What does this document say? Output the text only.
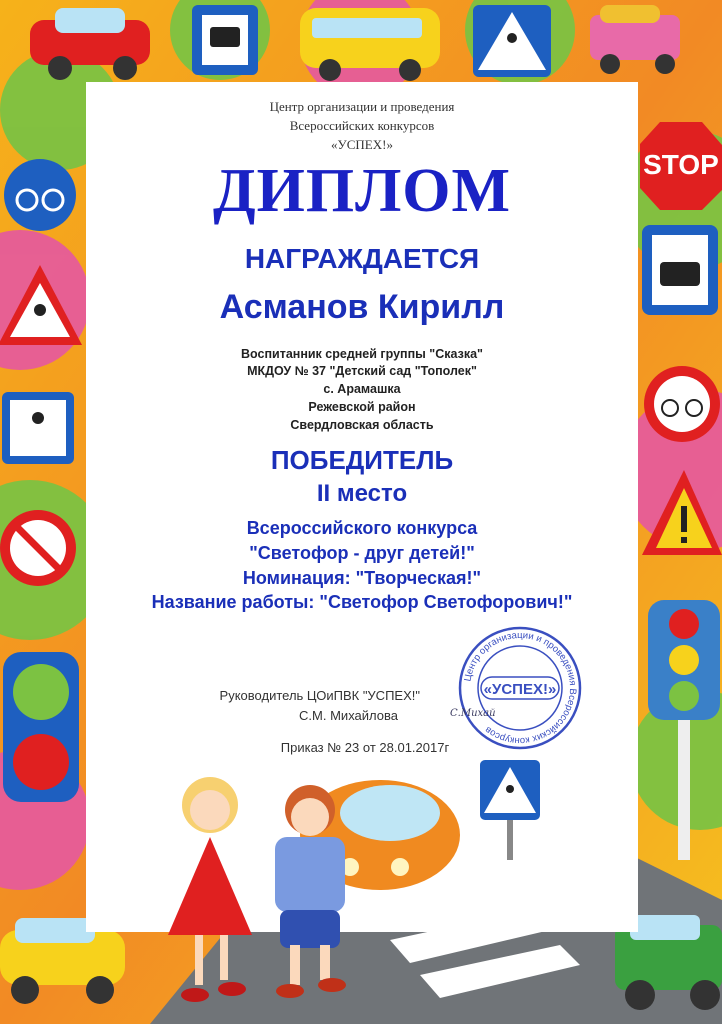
STOP

Центр организации и проведения

Всероссийских конкурсов

«УСПЕХ!»

ДИПЛОМ

НАГРАЖДАЕТСЯ

Асманов Кирилл

Воспитанник средней группы "Сказка"

МКДОУ № 37 "Детский сад "Тополек"

с. Арамашка

Режевской район

Свердловская область

ПОБЕДИТЕЛЬ

II место

Всероссийского конкурса

"Светофор - друг детей!"

Номинация: "Творческая!"

Название работы: "Светофор Светофорович!"

Руководитель ЦОиПВК "УСПЕХ!"

С.М. Михайлова

Центр организации и проведения Всероссийских конкурсов
«УСПЕХ!»

С.Михай

Приказ № 23 от 28.01.2017г
